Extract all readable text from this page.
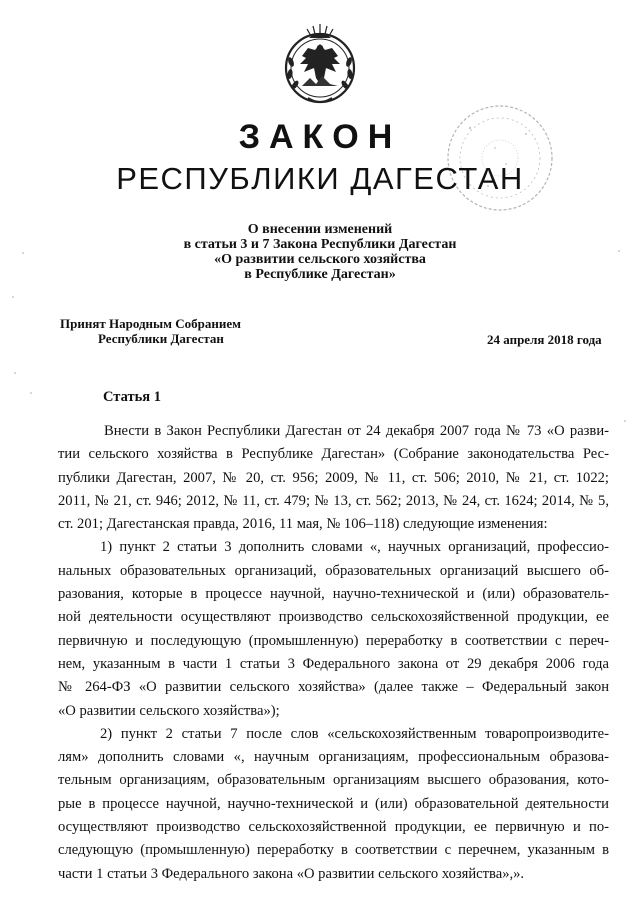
ЗАКОН
РЕСПУБЛИКИ ДАГЕСТАН
О внесении изменений
в статьи 3 и 7 Закона Республики Дагестан
«О развитии сельского хозяйства
в Республике Дагестан»
Принят Народным Собранием
Республики Дагестан	24 апреля 2018 года
Статья 1
Внести в Закон Республики Дагестан от 24 декабря 2007 года № 73 «О разви-
тии сельского хозяйства в Республике Дагестан» (Собрание законодательства Рес-
публики Дагестан, 2007, № 20, ст. 956; 2009, № 11, ст. 506; 2010, № 21, ст. 1022;
2011, № 21, ст. 946; 2012, № 11, ст. 479; № 13, ст. 562; 2013, № 24, ст. 1624; 2014, № 5,
ст. 201; Дагестанская правда, 2016, 11 мая, № 106–118) следующие изменения:
1) пункт 2 статьи 3 дополнить словами «, научных организаций, профессио-
нальных образовательных организаций, образовательных организаций высшего об-
разования, которые в процессе научной, научно-технической и (или) образователь-
ной деятельности осуществляют производство сельскохозяйственной продукции, ее
первичную и последующую (промышленную) переработку в соответствии с переч-
нем, указанным в части 1 статьи 3 Федерального закона от 29 декабря 2006 года
№ 264-ФЗ «О развитии сельского хозяйства» (далее также – Федеральный закон
«О развитии сельского хозяйства»);
2) пункт 2 статьи 7 после слов «сельскохозяйственным товаропроизводите-
лям» дополнить словами «, научным организациям, профессиональным образова-
тельным организациям, образовательным организациям высшего образования, кото-
рые в процессе научной, научно-технической и (или) образовательной деятельности
осуществляют производство сельскохозяйственной продукции, ее первичную и по-
следующую (промышленную) переработку в соответствии с перечнем, указанным в
части 1 статьи 3 Федерального закона «О развитии сельского хозяйства»,».
